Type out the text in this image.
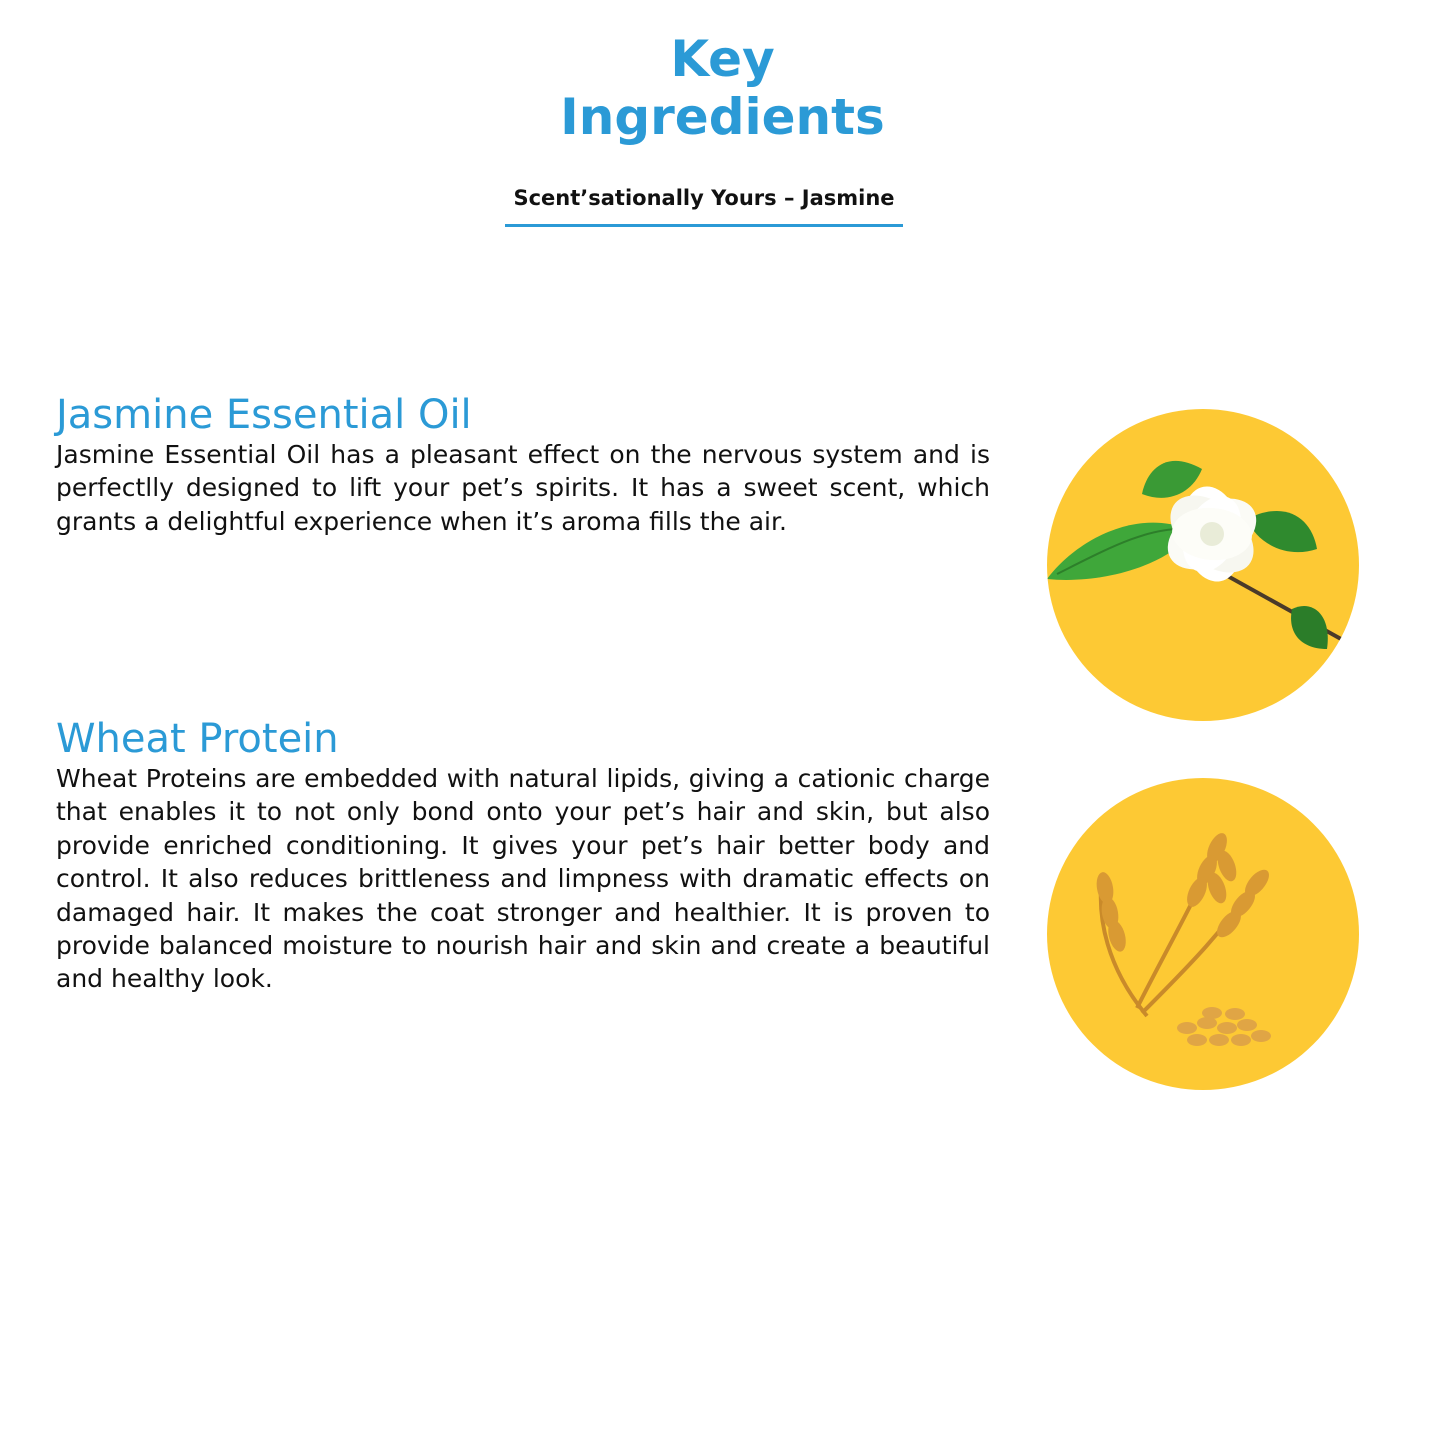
Key

Ingredients

Scent’sationally Yours – Jasmine
Jasmine Essential Oil

Jasmine Essential Oil has a pleasant effect on the nervous system and is perfectlly designed to lift your pet’s spirits. It has a sweet scent, which grants a delightful experience when it’s aroma fills the air.

Wheat Protein

Wheat Proteins are embedded with natural lipids, giving a cationic charge that enables it to not only bond onto your pet’s hair and skin, but also provide enriched conditioning. It gives your pet’s hair better body and control. It also reduces brittleness and limpness with dramatic effects on damaged hair. It makes the coat stronger and healthier. It is proven to provide balanced moisture to nourish hair and skin and create a beautiful and healthy look.
